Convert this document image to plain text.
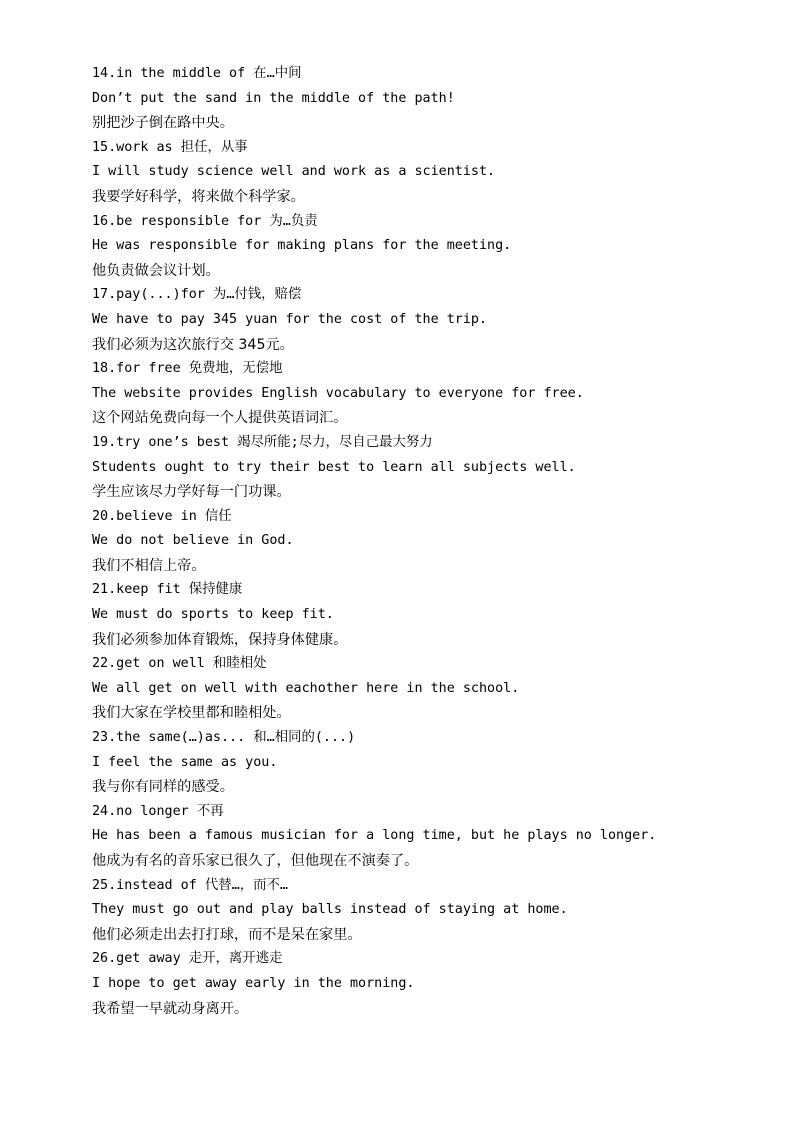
14.in the middle of 在…中间
Don’t put the sand in the middle of the path!
别把沙子倒在路中央。
15.work as 担任，从事
I will study science well and work as a scientist.
我要学好科学，将来做个科学家。
16.be responsible for 为…负责
He was responsible for making plans for the meeting.
他负责做会议计划。
17.pay(...)for 为…付钱，赔偿
We have to pay 345 yuan for the cost of the trip.
我们必须为这次旅行交 345元。
18.for free 免费地，无偿地
The website provides English vocabulary to everyone for free.
这个网站免费向每一个人提供英语词汇。
19.try one’s best 竭尽所能;尽力，尽自己最大努力
Students ought to try their best to learn all subjects well.
学生应该尽力学好每一门功课。
20.believe in 信任
We do not believe in God.
我们不相信上帝。
21.keep fit 保持健康
We must do sports to keep fit.
我们必须参加体育锻炼，保持身体健康。
22.get on well 和睦相处
We all get on well with eachother here in the school.
我们大家在学校里都和睦相处。
23.the same(…)as... 和…相同的(...)
I feel the same as you.
我与你有同样的感受。
24.no longer 不再
He has been a famous musician for a long time, but he plays no longer.
他成为有名的音乐家已很久了，但他现在不演奏了。
25.instead of 代替…，而不…
They must go out and play balls instead of staying at home.
他们必须走出去打打球，而不是呆在家里。
26.get away 走开，离开逃走
I hope to get away early in the morning.
我希望一早就动身离开。
